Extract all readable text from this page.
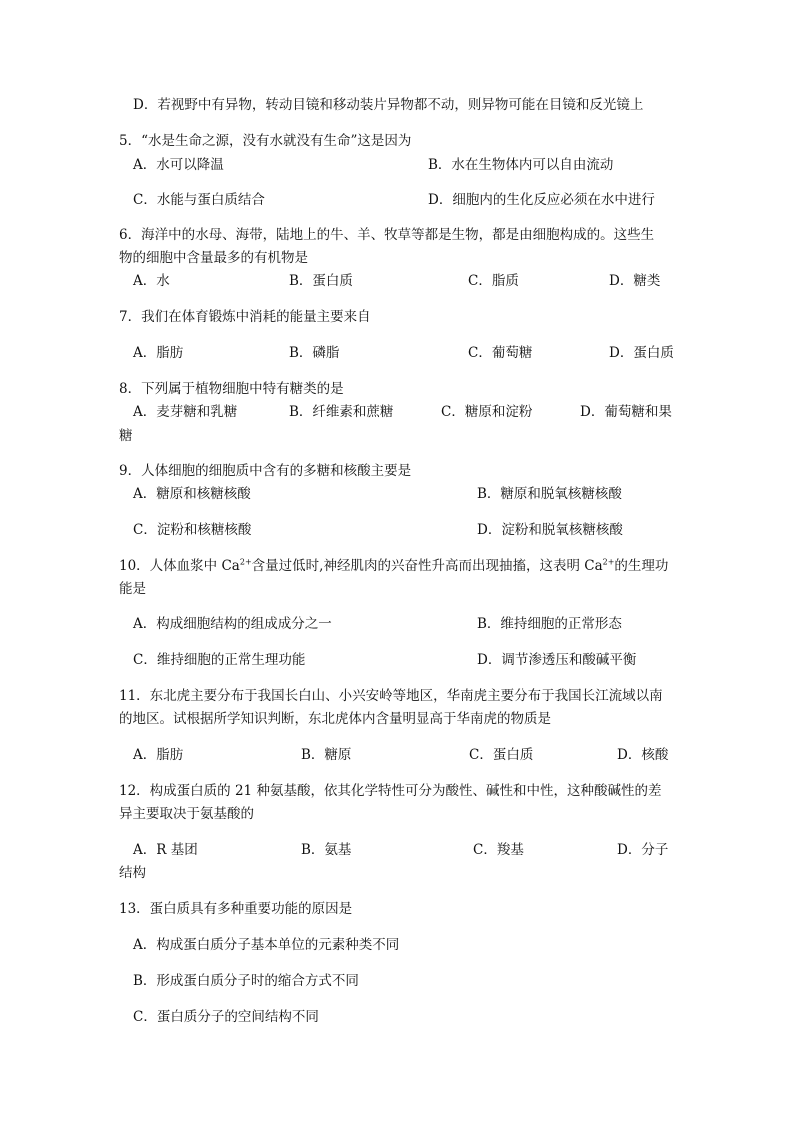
D．若视野中有异物，转动目镜和移动装片异物都不动，则异物可能在目镜和反光镜上
5．“水是生命之源，没有水就没有生命”这是因为
A．水可以降温	B．水在生物体内可以自由流动
C．水能与蛋白质结合	D．细胞内的生化反应必须在水中进行
6．海洋中的水母、海带，陆地上的牛、羊、牧草等都是生物，都是由细胞构成的。这些生
物的细胞中含量最多的有机物是
A．水	B．蛋白质	C．脂质	D．糖类
7．我们在体育锻炼中消耗的能量主要来自
A．脂肪	B．磷脂	C．葡萄糖	D．蛋白质
8．下列属于植物细胞中特有糖类的是
A．麦芽糖和乳糖	B．纤维素和蔗糖	C．糖原和淀粉	D．葡萄糖和果
糖
9．人体细胞的细胞质中含有的多糖和核酸主要是
A．糖原和核糖核酸	B．糖原和脱氧核糖核酸
C．淀粉和核糖核酸	D．淀粉和脱氧核糖核酸
10．人体血浆中 $Ca^{2+}$含量过低时,神经肌肉的兴奋性升高而出现抽搐，这表明 $Ca^{2+}$的生理功
能是
A．构成细胞结构的组成成分之一	B．维持细胞的正常形态
C．维持细胞的正常生理功能	D．调节渗透压和酸碱平衡
11．东北虎主要分布于我国长白山、小兴安岭等地区，华南虎主要分布于我国长江流域以南
的地区。试根据所学知识判断，东北虎体内含量明显高于华南虎的物质是
A．脂肪	B．糖原	C．蛋白质	D．核酸
12．构成蛋白质的 21 种氨基酸，依其化学特性可分为酸性、碱性和中性，这种酸碱性的差
异主要取决于氨基酸的
A．R 基团	B．氨基	C．羧基	D．分子
结构
13．蛋白质具有多种重要功能的原因是
A．构成蛋白质分子基本单位的元素种类不同
B．形成蛋白质分子时的缩合方式不同
C．蛋白质分子的空间结构不同
